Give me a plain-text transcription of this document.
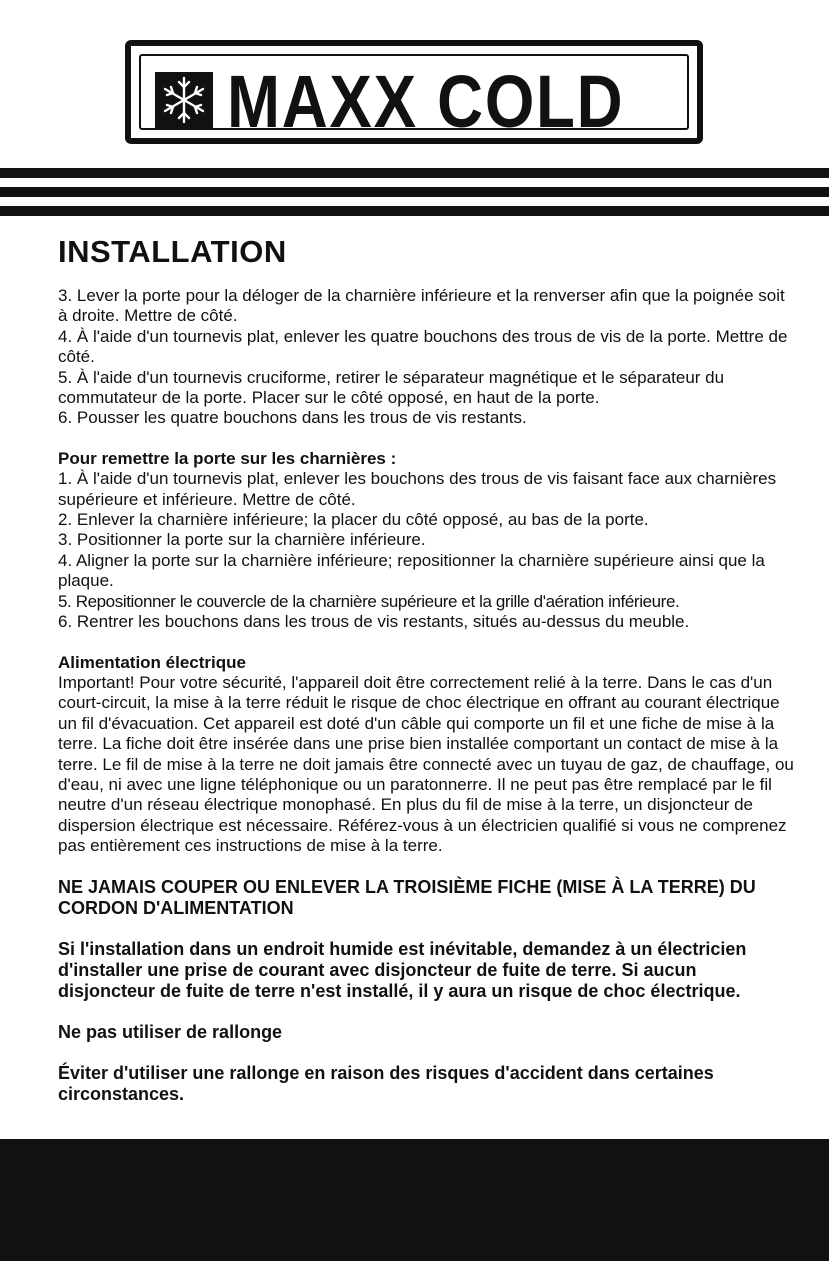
MAXX COLD
INSTALLATION

3. Lever la porte pour la déloger de la charnière inférieure et la renverser afin que la poignée soit à droite. Mettre de côté.

4. À l'aide d'un tournevis plat, enlever les quatre bouchons des trous de vis de la porte. Mettre de côté.

5. À l'aide d'un tournevis cruciforme, retirer le séparateur magnétique et le séparateur du commutateur de la porte. Placer sur le côté opposé, en haut de la porte.

6. Pousser les quatre bouchons dans les trous de vis restants.

Pour remettre la porte sur les charnières :

1. À l'aide d'un tournevis plat, enlever les bouchons des trous de vis faisant face aux charnières supérieure et inférieure. Mettre de côté.

2. Enlever la charnière inférieure; la placer du côté opposé, au bas de la porte.

3. Positionner la porte sur la charnière inférieure.

4. Aligner la porte sur la charnière inférieure; repositionner la charnière supérieure ainsi que la plaque.

5. Repositionner le couvercle de la charnière supérieure et la grille d'aération inférieure.

6. Rentrer les bouchons dans les trous de vis restants, situés au-dessus du meuble.

Alimentation électrique

Important! Pour votre sécurité, l'appareil doit être correctement relié à la terre. Dans le cas d'un court-circuit, la mise à la terre réduit le risque de choc électrique en offrant au courant électrique un fil d'évacuation. Cet appareil est doté d'un câble qui comporte un fil et une fiche de mise à la terre. La fiche doit être insérée dans une prise bien installée comportant un contact de mise à la terre. Le fil de mise à la terre ne doit jamais être connecté avec un tuyau de gaz, de chauffage, ou d'eau, ni avec une ligne téléphonique ou un paratonnerre. Il ne peut pas être remplacé par le fil neutre d'un réseau électrique monophasé. En plus du fil de mise à la terre, un disjoncteur de dispersion électrique est nécessaire. Référez-vous à un électricien qualifié si vous ne comprenez pas entièrement ces instructions de mise à la terre.

NE JAMAIS COUPER OU ENLEVER LA TROISIÈME FICHE (MISE À LA TERRE) DU CORDON D'ALIMENTATION

Si l'installation dans un endroit humide est inévitable, demandez à un électricien d'installer une prise de courant avec disjoncteur de fuite de terre. Si aucun disjoncteur de fuite de terre n'est installé, il y aura un risque de choc électrique.

Ne pas utiliser de rallonge

Éviter d'utiliser une rallonge en raison des risques d'accident dans certaines circonstances.
